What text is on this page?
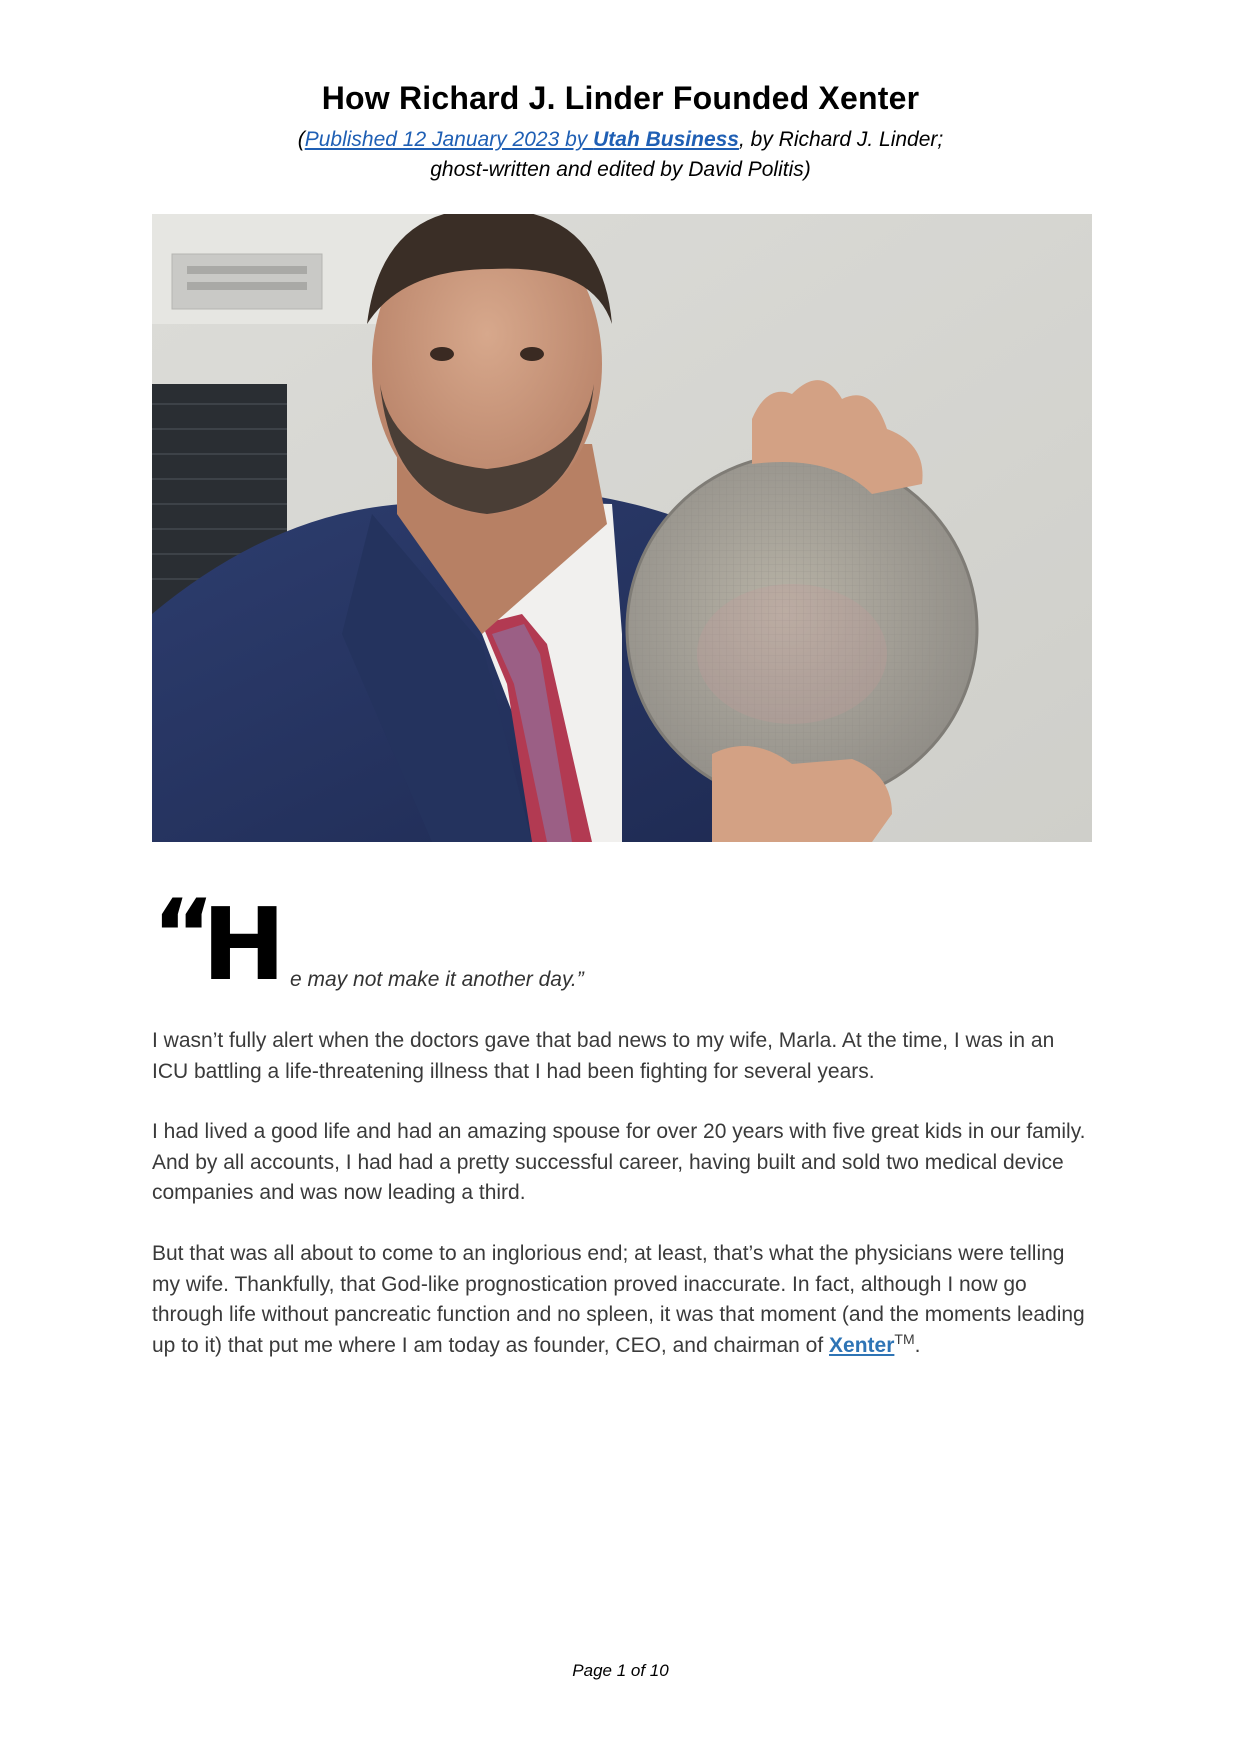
How Richard J. Linder Founded Xenter
(Published 12 January 2023 by Utah Business, by Richard J. Linder;
ghost-written and edited by David Politis)
“
H e may not make it another day.”

I wasn’t fully alert when the doctors gave that bad news to my wife, Marla. At the time, I was in an ICU battling a life-threatening illness that I had been fighting for several years.

I had lived a good life and had an amazing spouse for over 20 years with five great kids in our family. And by all accounts, I had had a pretty successful career, having built and sold two medical device companies and was now leading a third.

But that was all about to come to an inglorious end; at least, that’s what the physicians were telling my wife. Thankfully, that God-like prognostication proved inaccurate. In fact, although I now go through life without pancreatic function and no spleen, it was that moment (and the moments leading up to it) that put me where I am today as founder, CEO, and chairman of Xenter™.

Page 1 of 10
